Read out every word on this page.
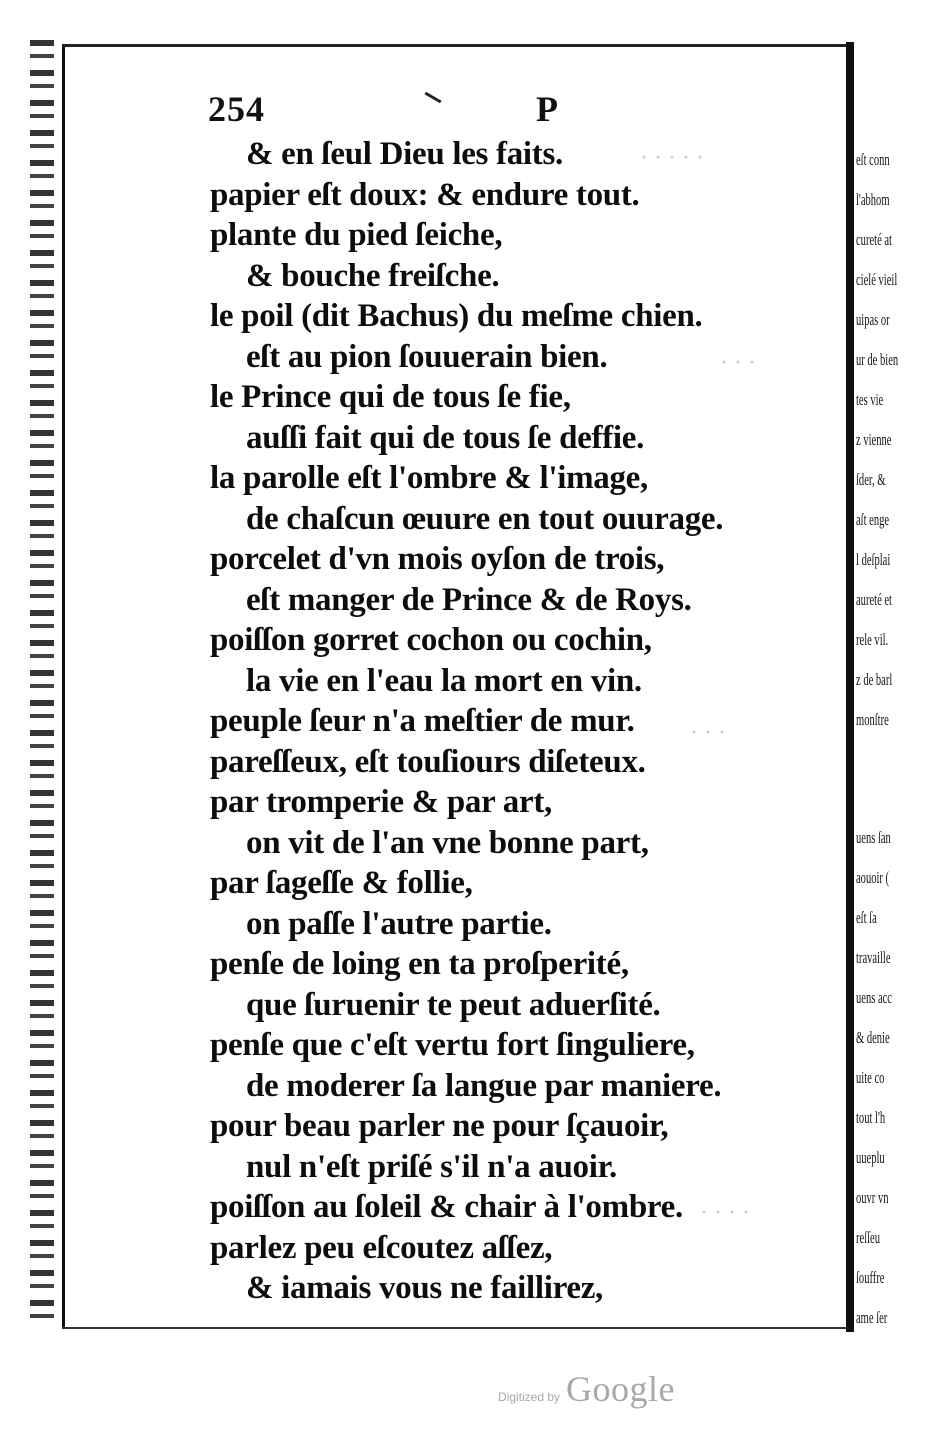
· · · · ·
· · ·
· · ·
· · · ·
254	P
& en ſeul Dieu les faits.
papier eſt doux: & endure tout.
plante du pied ſeiche,
& bouche freiſche.
le poil (dit Bachus) du meſme chien.
eſt au pion ſouuerain bien.
le Prince qui de tous ſe fie,
auſſi fait qui de tous ſe deffie.
la parolle eſt l'ombre & l'image,
de chaſcun œuure en tout ouurage.
porcelet d'vn mois oyſon de trois,
eſt manger de Prince & de Roys.
poiſſon gorret cochon ou cochin,
la vie en l'eau la mort en vin.
peuple ſeur n'a meſtier de mur.
pareſſeux, eſt touſiours diſeteux.
par tromperie & par art,
on vit de l'an vne bonne part,
par ſageſſe & follie,
on paſſe l'autre partie.
penſe de loing en ta proſperité,
que ſuruenir te peut aduerſité.
penſe que c'eſt vertu fort ſinguliere,
de moderer ſa langue par maniere.
pour beau parler ne pour ſçauoir,
nul n'eſt priſé s'il n'a auoir.
poiſſon au ſoleil & chair à l'ombre.
parlez peu eſcoutez aſſez,
& iamais vous ne faillirez,
eſt conn
l'abhom
cureté at
cielé vieil
uipas or
ur de bien
tes vie
z vienne
ſder, &
aſt enge
l deſplai
aureté et
rele vil.
z de barl
monſtre
uens ſan
aouoir (
eſt ſa
travaille
uens acc
& denie
uite co
tout l'h
uueplu
ouvr vn
reſſeu
ſouffre
ame ſer
Digitized by Google
